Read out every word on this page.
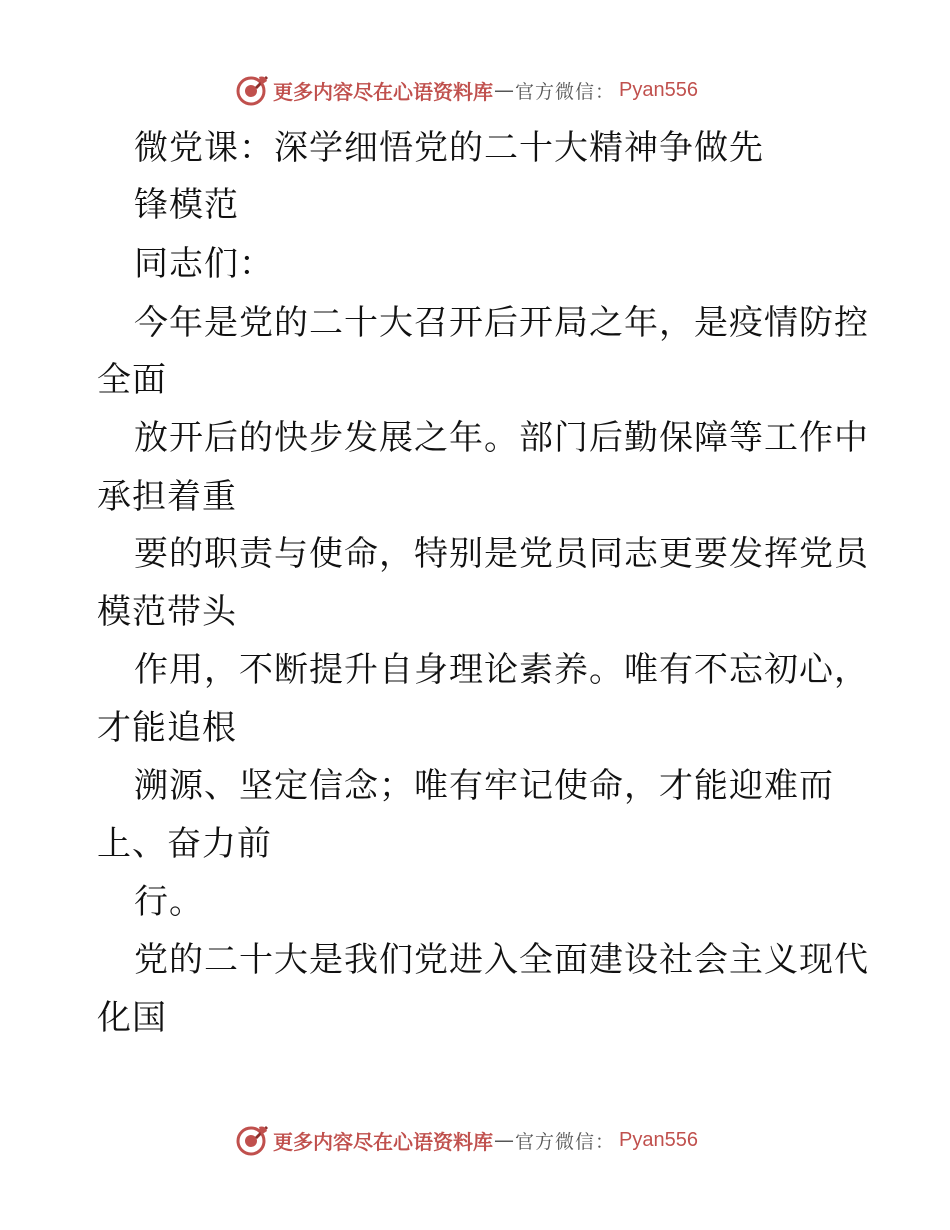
更多内容尽在心语资料库 — 官方微信： Pyan556
微党课：深学细悟党的二十大精神争做先
锋模范
同志们：
今年是党的二十大召开后开局之年，是疫情防控
全面
放开后的快步发展之年。部门后勤保障等工作中
承担着重
要的职责与使命，特别是党员同志更要发挥党员
模范带头
作用，不断提升自身理论素养。唯有不忘初心，
才能追根
溯源、坚定信念；唯有牢记使命，才能迎难而
上、奋力前
行。
党的二十大是我们党进入全面建设社会主义现代
化国
更多内容尽在心语资料库 — 官方微信： Pyan556
